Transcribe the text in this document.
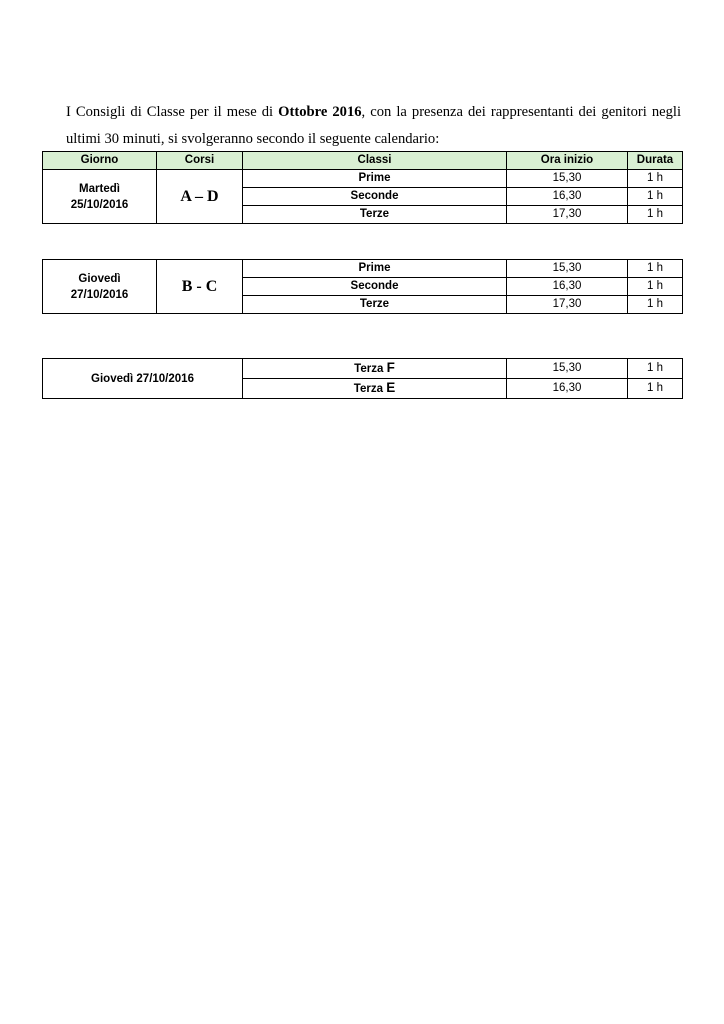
I Consigli di Classe per il mese di Ottobre 2016, con la presenza dei rappresentanti dei genitori negli ultimi 30 minuti, si svolgeranno secondo il seguente calendario:

Giorno	Corsi	Classi	Ora inizio	Durata

Martedì
25/10/2016	A – D	Prime	15,30	1 h
		Seconde	16,30	1 h
		Terze	17,30	1 h
Giovedì
27/10/2016	B - C	Prime	15,30	1 h
		Seconde	16,30	1 h
		Terze	17,30	1 h
Giovedì 27/10/2016	Terza F	15,30	1 h
	Terza E	16,30	1 h
